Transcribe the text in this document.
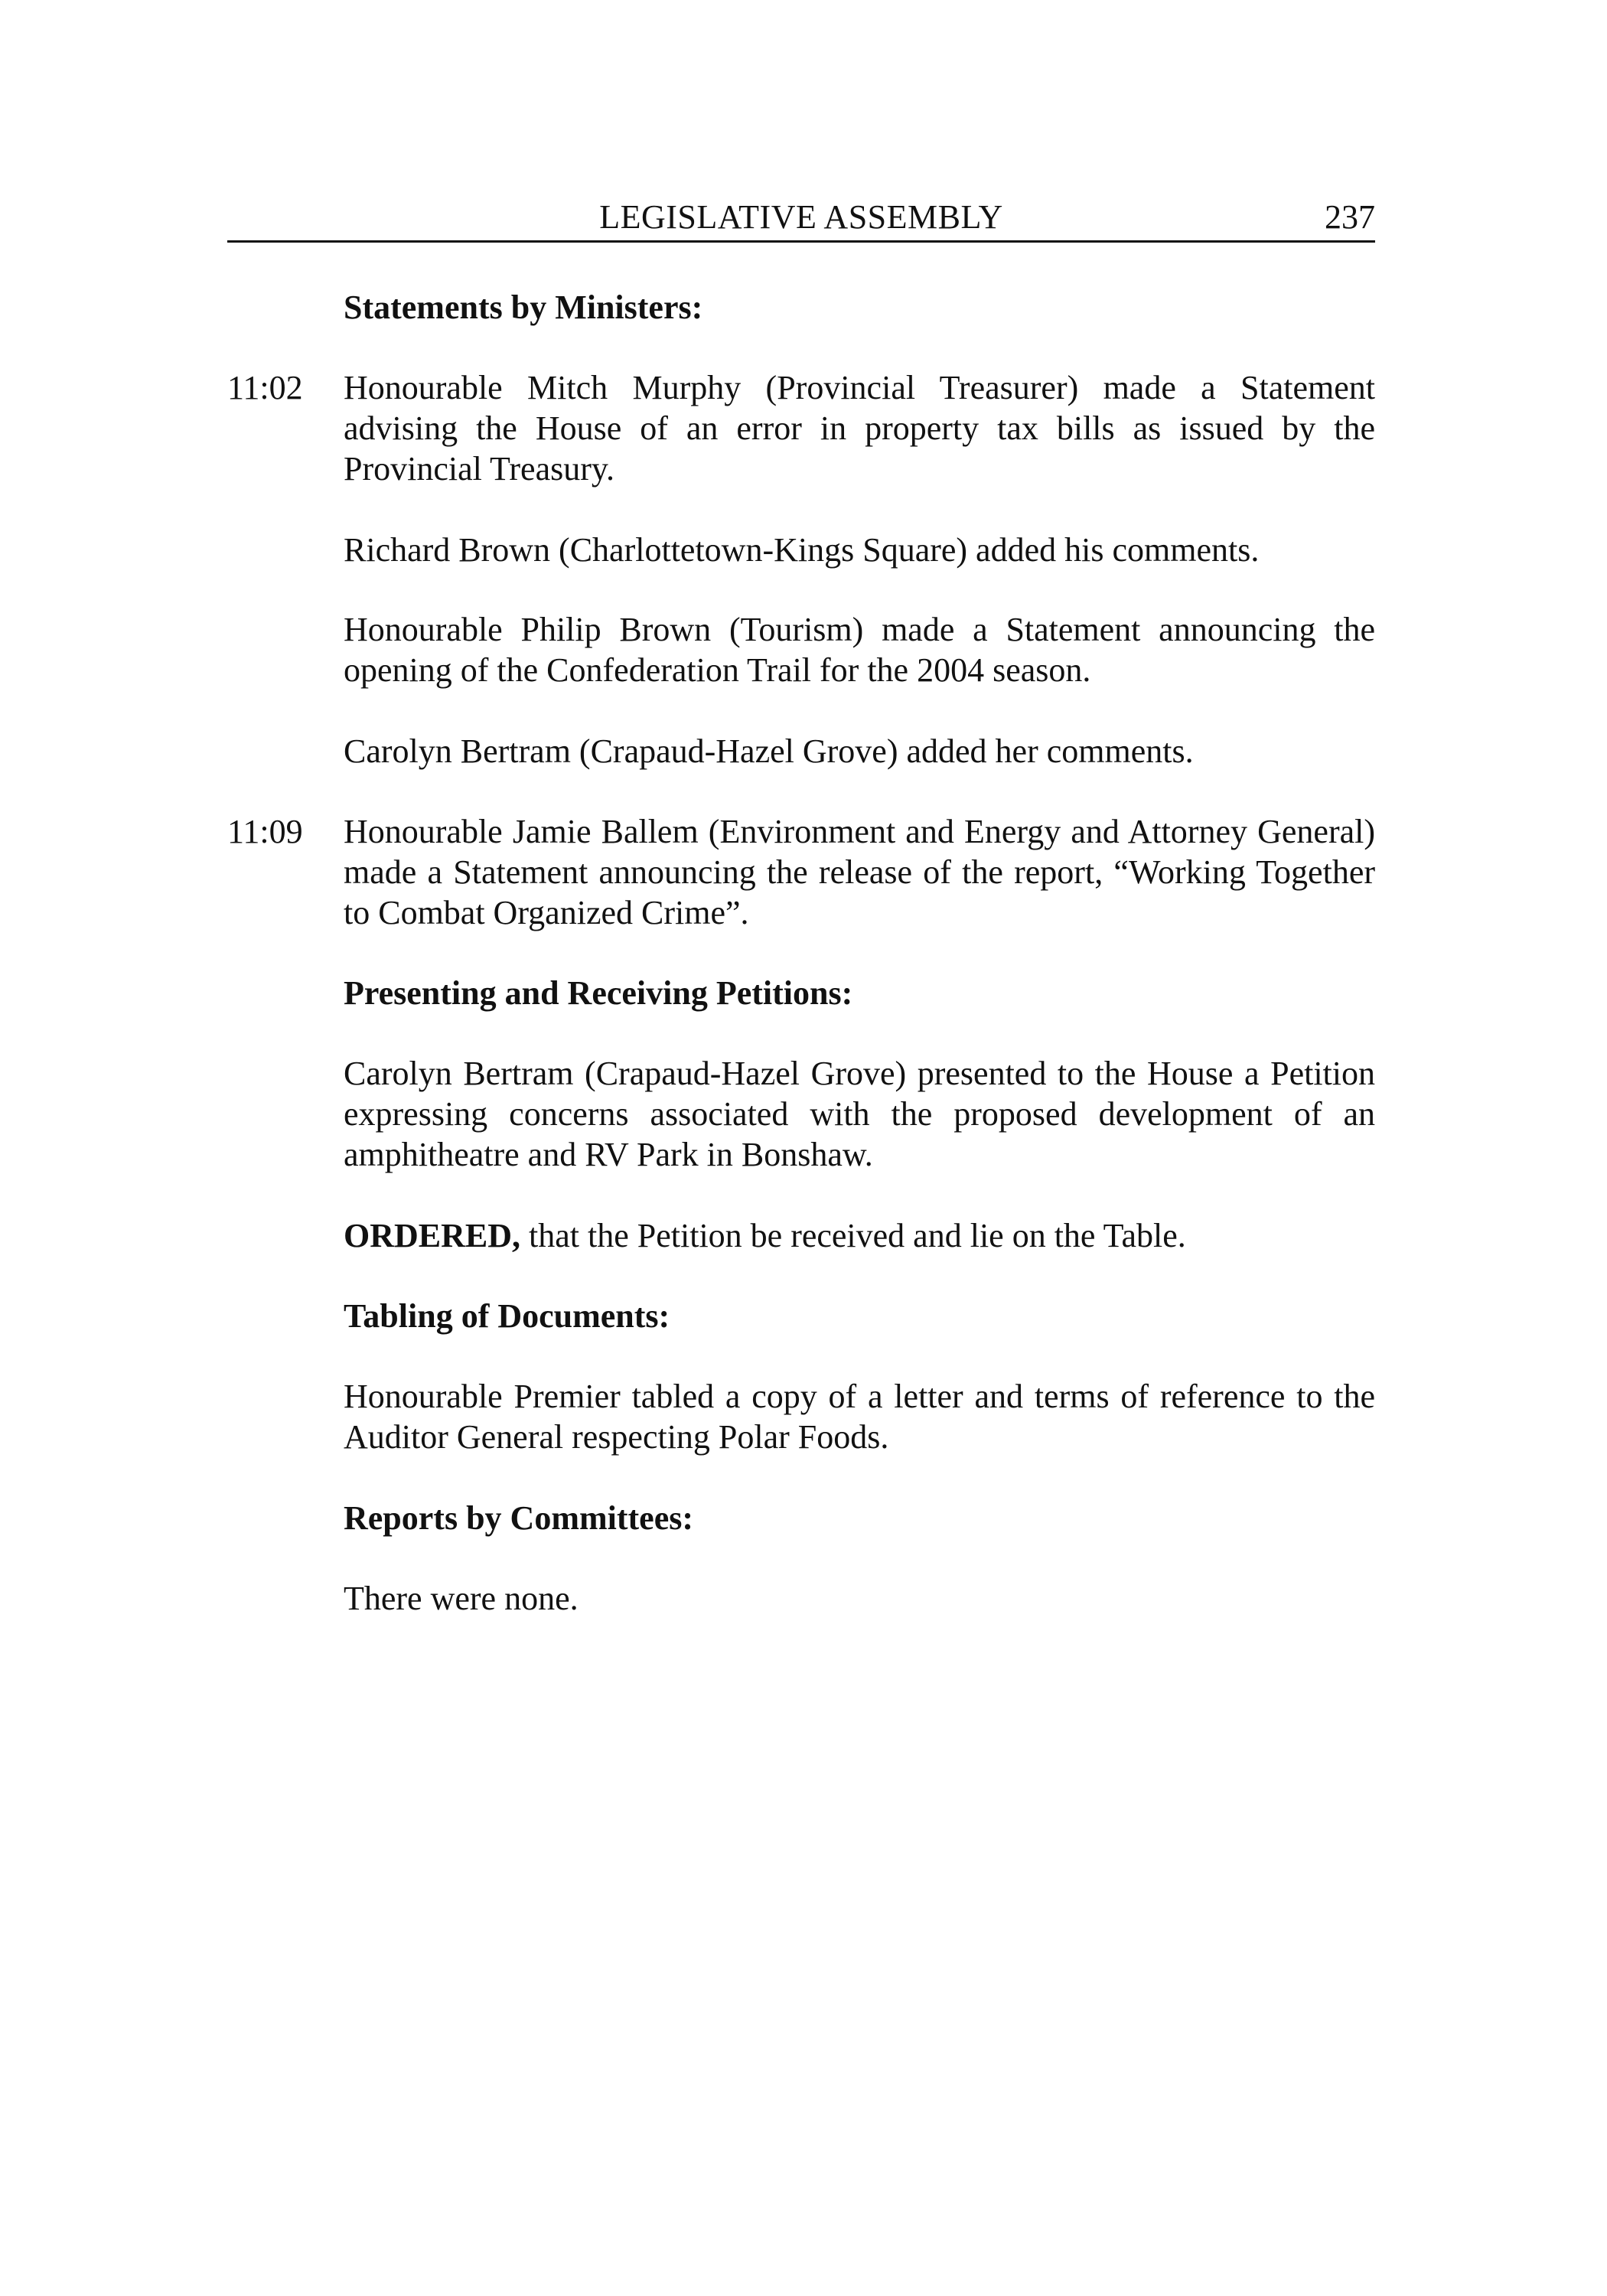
LEGISLATIVE ASSEMBLY	237
Statements by Ministers:
11:02 Honourable Mitch Murphy (Provincial Treasurer) made a Statement advising the House of an error in property tax bills as issued by the Provincial Treasury.
Richard Brown (Charlottetown-Kings Square) added his comments.
Honourable Philip Brown (Tourism) made a Statement announcing the opening of the Confederation Trail for the 2004 season.
Carolyn Bertram (Crapaud-Hazel Grove) added her comments.
11:09 Honourable Jamie Ballem (Environment and Energy and Attorney General) made a Statement announcing the release of the report, “Working Together to Combat Organized Crime”.
Presenting and Receiving Petitions:
Carolyn Bertram (Crapaud-Hazel Grove) presented to the House a Petition expressing concerns associated with the proposed development of an amphitheatre and RV Park in Bonshaw.
ORDERED, that the Petition be received and lie on the Table.
Tabling of Documents:
Honourable Premier tabled a copy of a letter and terms of reference to the Auditor General respecting Polar Foods.
Reports by Committees:
There were none.
